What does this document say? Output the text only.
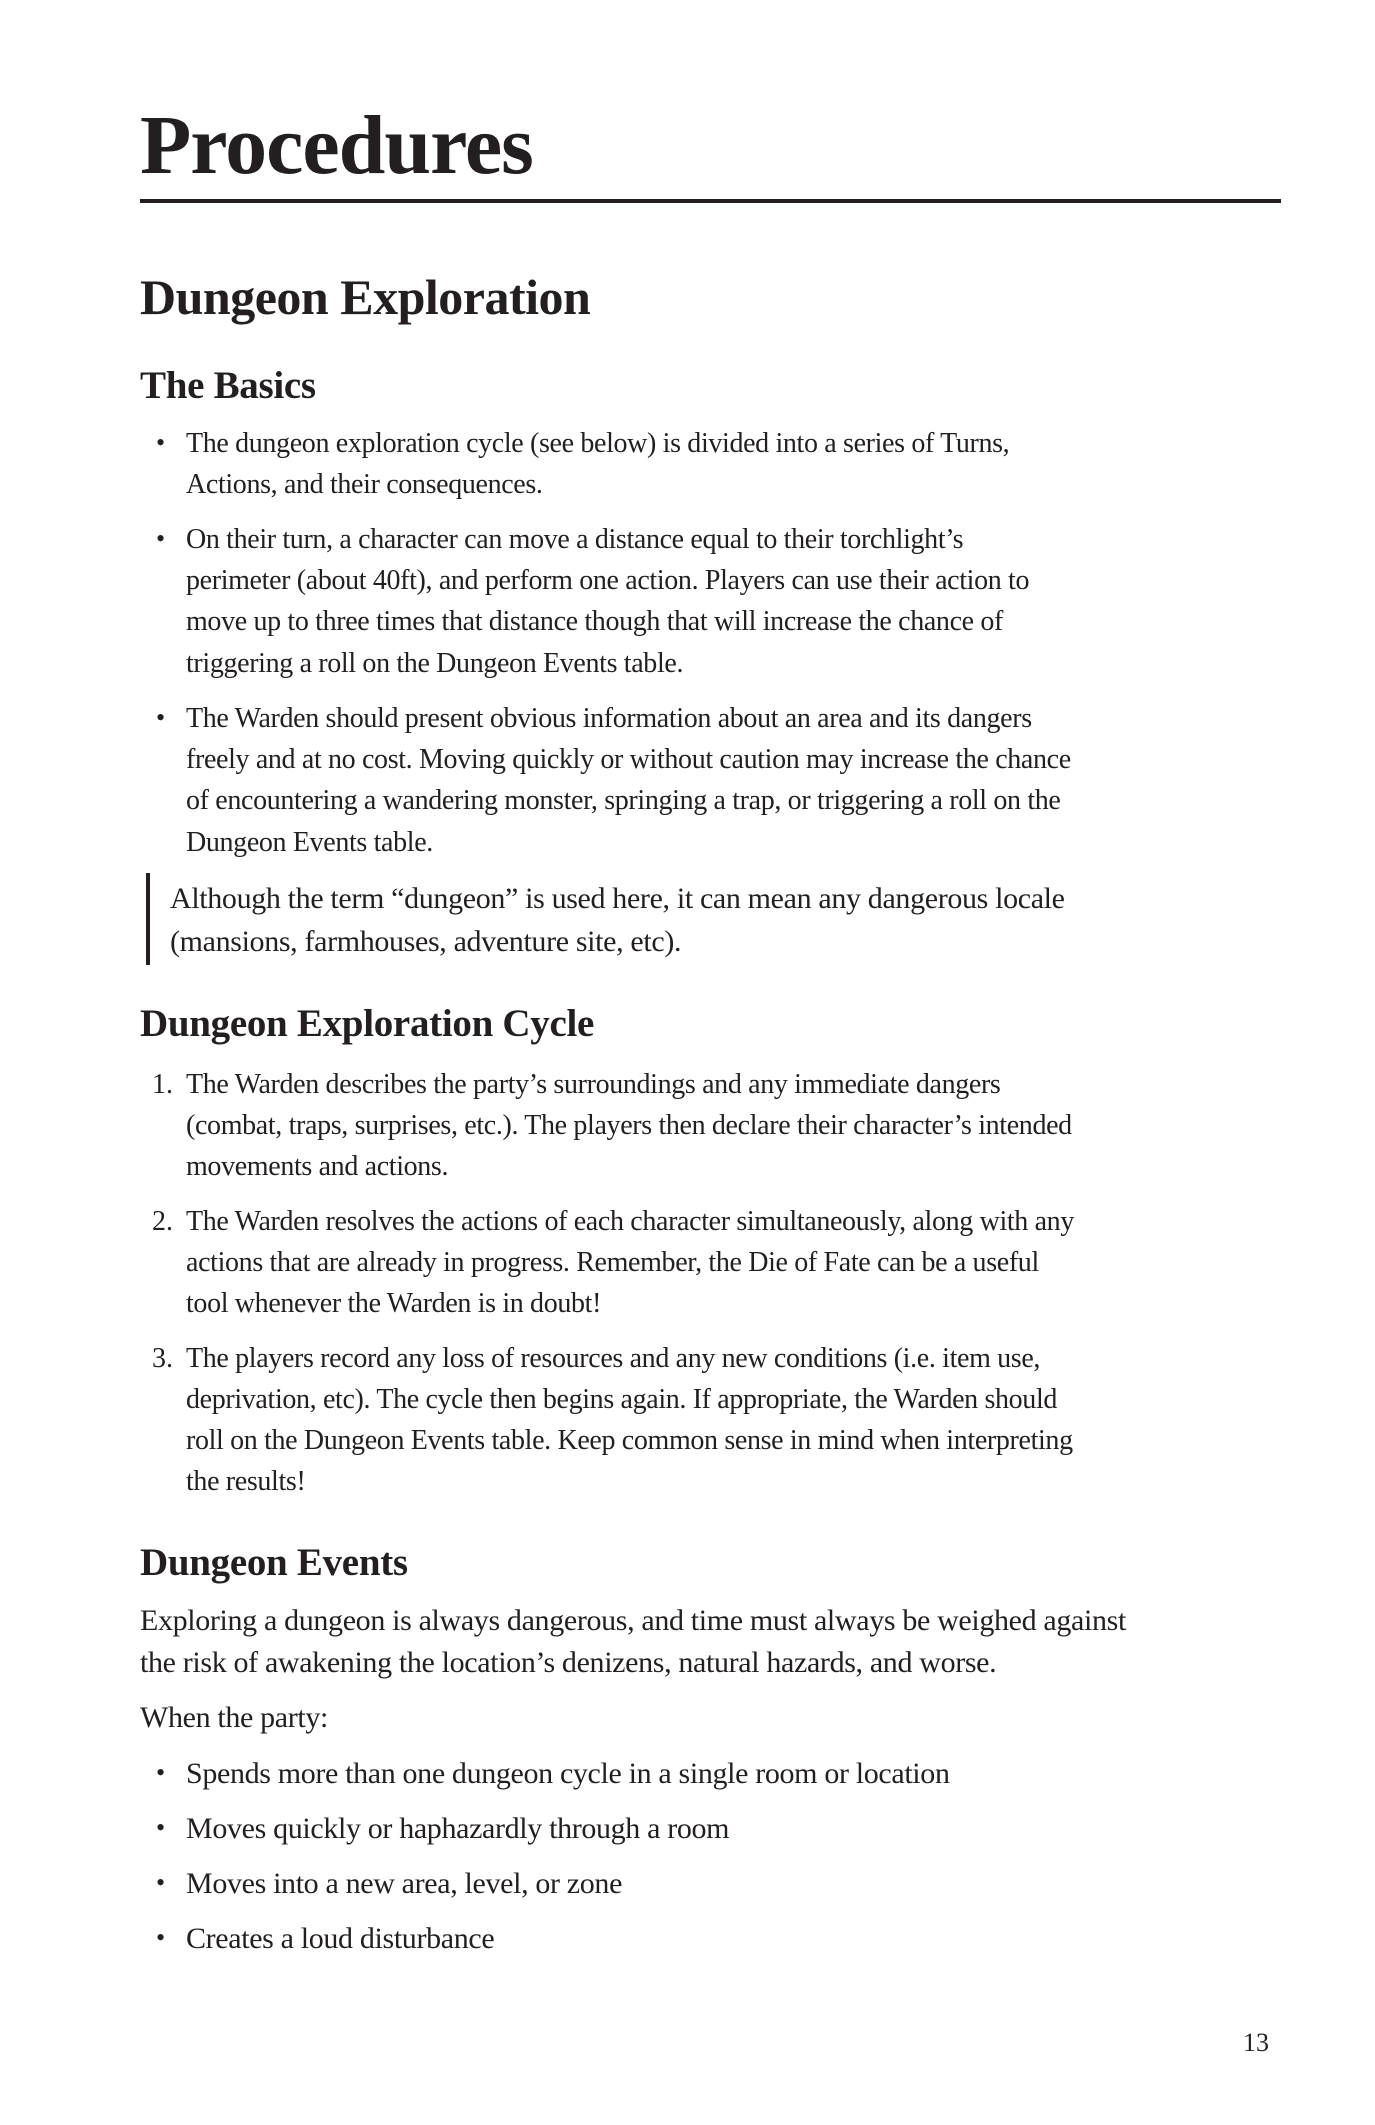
Procedures
Dungeon Exploration
The Basics
• The dungeon exploration cycle (see below) is divided into a series of Turns,
Actions, and their consequences.
• On their turn, a character can move a distance equal to their torchlight’s
perimeter (about 40ft), and perform one action. Players can use their action to
move up to three times that distance though that will increase the chance of
triggering a roll on the Dungeon Events table.
• The Warden should present obvious information about an area and its dangers
freely and at no cost. Moving quickly or without caution may increase the chance
of encountering a wandering monster, springing a trap, or triggering a roll on the
Dungeon Events table.
Although the term “dungeon” is used here, it can mean any dangerous locale
(mansions, farmhouses, adventure site, etc).
Dungeon Exploration Cycle
1. The Warden describes the party’s surroundings and any immediate dangers
(combat, traps, surprises, etc.). The players then declare their character’s intended
movements and actions.
2. The Warden resolves the actions of each character simultaneously, along with any
actions that are already in progress. Remember, the Die of Fate can be a useful
tool whenever the Warden is in doubt!
3. The players record any loss of resources and any new conditions (i.e. item use,
deprivation, etc). The cycle then begins again. If appropriate, the Warden should
roll on the Dungeon Events table. Keep common sense in mind when interpreting
the results!
Dungeon Events
Exploring a dungeon is always dangerous, and time must always be weighed against
the risk of awakening the location’s denizens, natural hazards, and worse.
When the party:
• Spends more than one dungeon cycle in a single room or location
• Moves quickly or haphazardly through a room
• Moves into a new area, level, or zone
• Creates a loud disturbance
13
